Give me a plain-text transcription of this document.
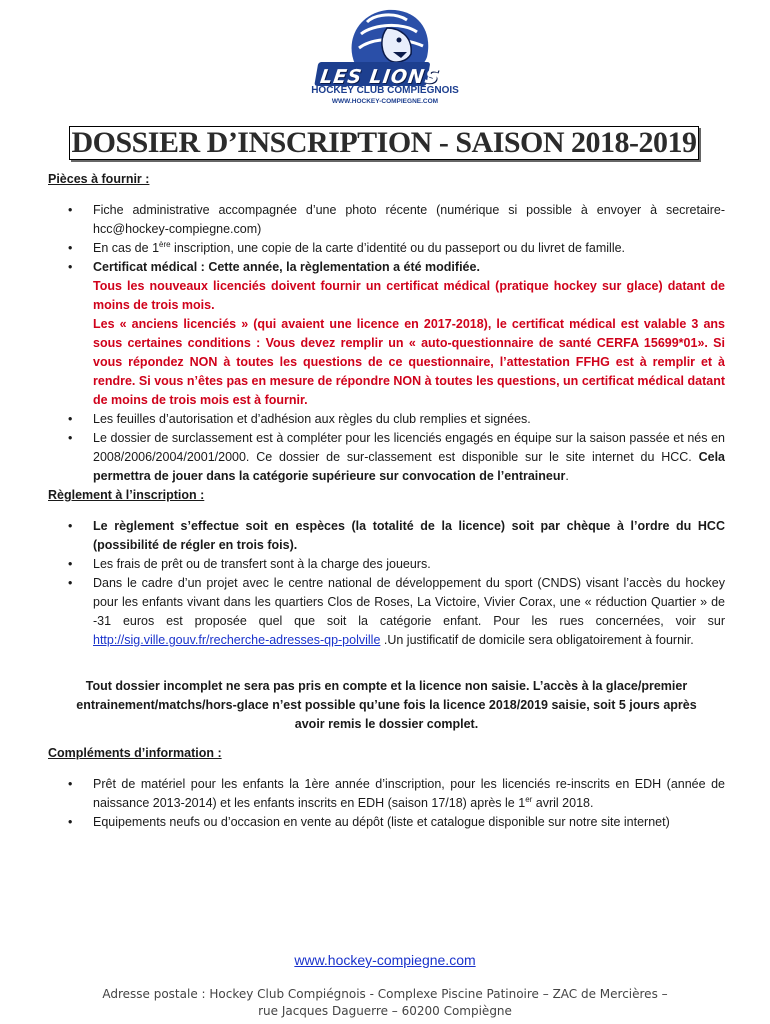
LES LIONS
HOCKEY CLUB COMPIÉGNOIS
WWW.HOCKEY-COMPIEGNE.COM
DOSSIER D’INSCRIPTION - SAISON 2018-2019

Pièces à fournir :

• Fiche administrative accompagnée d’une photo récente (numérique si possible à envoyer à secretaire-hcc@hockey-compiegne.com)
• En cas de 1ère inscription, une copie de la carte d’identité ou du passeport ou du livret de famille.
• Certificat médical : Cette année, la règlementation a été modifiée.
Tous les nouveaux licenciés doivent fournir un certificat médical (pratique hockey sur glace) datant de moins de trois mois.
Les « anciens licenciés » (qui avaient une licence en 2017-2018), le certificat médical est valable 3 ans sous certaines conditions : Vous devez remplir un « auto-questionnaire de santé CERFA 15699*01». Si vous répondez NON à toutes les questions de ce questionnaire, l’attestation FFHG est à remplir et à rendre. Si vous n’êtes pas en mesure de répondre NON à toutes les questions, un certificat médical datant de moins de trois mois est à fournir.
• Les feuilles d’autorisation et d’adhésion aux règles du club remplies et signées.
• Le dossier de surclassement est à compléter pour les licenciés engagés en équipe sur la saison passée et nés en 2008/2006/2004/2001/2000. Ce dossier de sur-classement est disponible sur le site internet du HCC. Cela permettra de jouer dans la catégorie supérieure sur convocation de l’entraineur.

Règlement à l’inscription :

• Le règlement s’effectue soit en espèces (la totalité de la licence) soit par chèque à l’ordre du HCC (possibilité de régler en trois fois).
• Les frais de prêt ou de transfert sont à la charge des joueurs.
• Dans le cadre d’un projet avec le centre national de développement du sport (CNDS) visant l’accès du hockey pour les enfants vivant dans les quartiers Clos de Roses, La Victoire, Vivier Corax, une « réduction Quartier » de -31 euros est proposée quel que soit la catégorie enfant. Pour les rues concernées, voir sur http://sig.ville.gouv.fr/recherche-adresses-qp-polville .Un justificatif de domicile sera obligatoirement à fournir.

Tout dossier incomplet ne sera pas pris en compte et la licence non saisie. L’accès à la glace/premier entrainement/matchs/hors-glace n’est possible qu’une fois la licence 2018/2019 saisie, soit 5 jours après avoir remis le dossier complet.

Compléments d’information :

• Prêt de matériel pour les enfants la 1ère année d’inscription, pour les licenciés re-inscrits en EDH (année de naissance 2013-2014) et les enfants inscrits en EDH (saison 17/18) après le 1er avril 2018.
• Equipements neufs ou d’occasion en vente au dépôt (liste et catalogue disponible sur notre site internet)
www.hockey-compiegne.com
Adresse postale : Hockey Club Compiégnois - Complexe Piscine Patinoire – ZAC de Mercières –
rue Jacques Daguerre – 60200 Compiègne
